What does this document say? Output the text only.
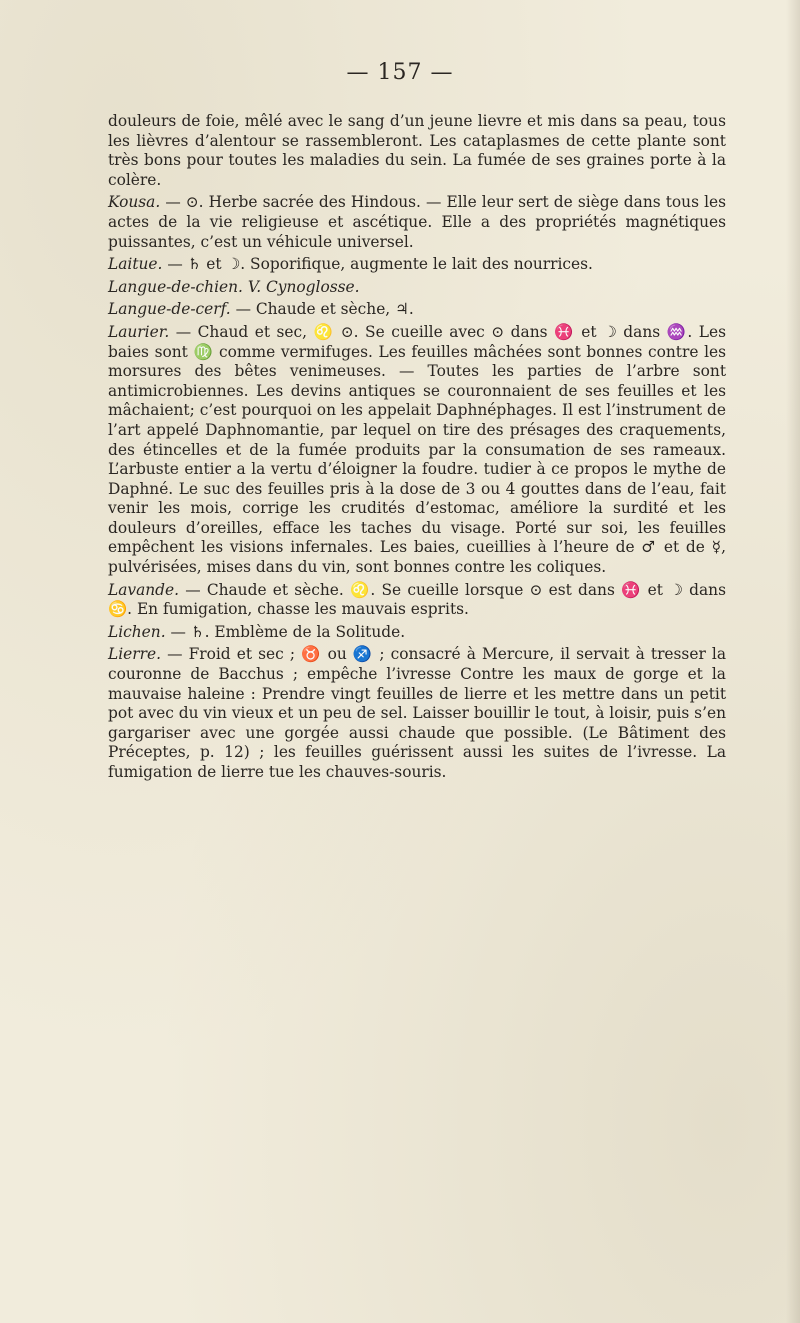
— 157 —

douleurs de foie, mêlé avec le sang d’un jeune lievre et mis dans sa peau, tous les lièvres d’alentour se rassembleront. Les cataplasmes de cette plante sont très bons pour toutes les maladies du sein. La fumée de ses graines porte à la colère.

Kousa. — ⊙. Herbe sacrée des Hindous. — Elle leur sert de siège dans tous les actes de la vie religieuse et ascétique. Elle a des propriétés magnétiques puissantes, c’est un véhicule universel.

Laitue. — ♄ et ☽. Soporifique, augmente le lait des nourrices.

Langue-de-chien. V. Cynoglosse.

Langue-de-cerf. — Chaude et sèche, ♃.

Laurier. — Chaud et sec, ♌ ⊙. Se cueille avec ⊙ dans ♓ et ☽ dans ♒. Les baies sont ♍ comme vermifuges. Les feuilles mâchées sont bonnes contre les morsures des bêtes venimeuses. — Toutes les parties de l’arbre sont antimicrobiennes. Les devins antiques se couronnaient de ses feuilles et les mâchaient; c’est pourquoi on les appelait Daphnéphages. Il est l’instrument de l’art appelé Daphnomantie, par lequel on tire des présages des craquements, des étincelles et de la fumée produits par la consumation de ses rameaux. L’arbuste entier a la vertu d’éloigner la foudre. tudier à ce propos le mythe de Daphné. Le suc des feuilles pris à la dose de 3 ou 4 gouttes dans de l’eau, fait venir les mois, corrige les crudités d’estomac, améliore la surdité et les douleurs d’oreilles, efface les taches du visage. Porté sur soi, les feuilles empêchent les visions infernales. Les baies, cueillies à l’heure de ♂ et de ☿, pulvérisées, mises dans du vin, sont bonnes contre les coliques.

Lavande. — Chaude et sèche. ♌. Se cueille lorsque ⊙ est dans ♓ et ☽ dans ♋. En fumigation, chasse les mauvais esprits.

Lichen. — ♄. Emblème de la Solitude.

Lierre. — Froid et sec ; ♉ ou ♐ ; consacré à Mercure, il servait à tresser la couronne de Bacchus ; empêche l’ivresse Contre les maux de gorge et la mauvaise haleine : Prendre vingt feuilles de lierre et les mettre dans un petit pot avec du vin vieux et un peu de sel. Laisser bouillir le tout, à loisir, puis s’en gargariser avec une gorgée aussi chaude que possible. (Le Bâtiment des Préceptes, p. 12) ; les feuilles guérissent aussi les suites de l’ivresse. La fumigation de lierre tue les chauves-souris.
